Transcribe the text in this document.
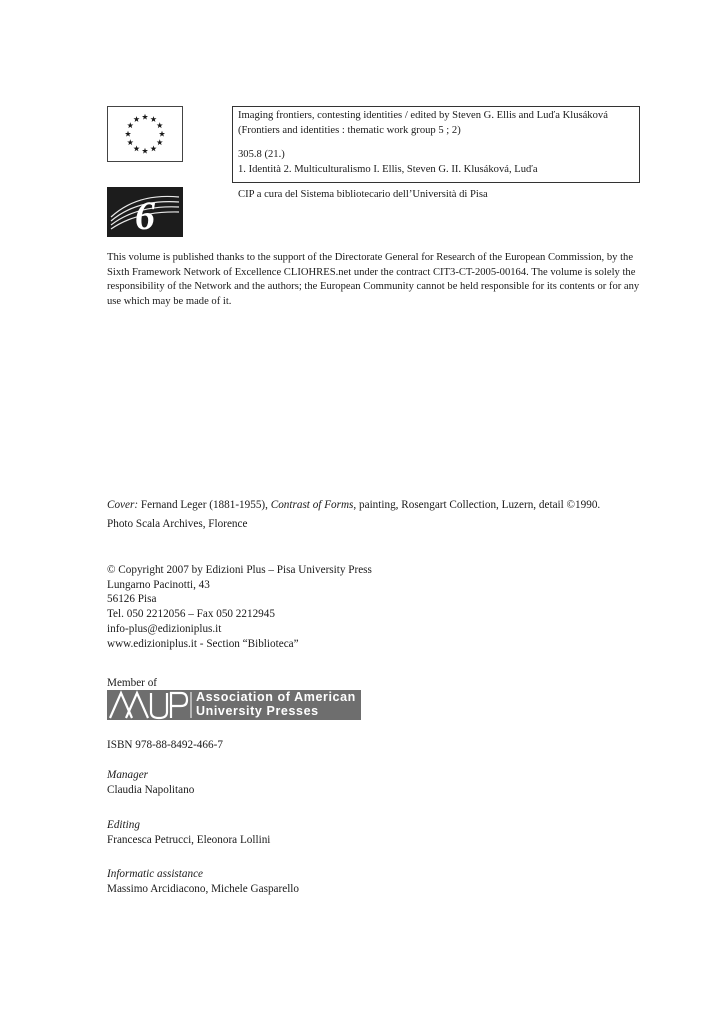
6
Imaging frontiers, contesting identities / edited by Steven G. Ellis and Luďa Klusáková
(Frontiers and identities : thematic work group 5 ; 2)
305.8 (21.)
1. Identità 2. Multiculturalismo I. Ellis, Steven G. II. Klusáková, Luďa
CIP a cura del Sistema bibliotecario dell’Università di Pisa
This volume is published thanks to the support of the Directorate General for Research of the European Commission, by the Sixth Framework Network of Excellence CLIOHRES.net under the contract CIT3-CT-2005-00164. The volume is solely the responsibility of the Network and the authors; the European Community cannot be held responsible for its contents or for any use which may be made of it.
Cover: Fernand Leger (1881-1955), Contrast of Forms, painting, Rosengart Collection, Luzern, detail ©1990.
Photo Scala Archives, Florence
© Copyright 2007 by Edizioni Plus – Pisa University Press
Lungarno Pacinotti, 43
56126 Pisa
Tel. 050 2212056 – Fax 050 2212945
info-plus@edizioniplus.it
www.edizioniplus.it - Section “Biblioteca”
Member of
Association of American
University Presses
ISBN 978-88-8492-466-7
Manager
Claudia Napolitano
Editing
Francesca Petrucci, Eleonora Lollini
Informatic assistance
Massimo Arcidiacono, Michele Gasparello
